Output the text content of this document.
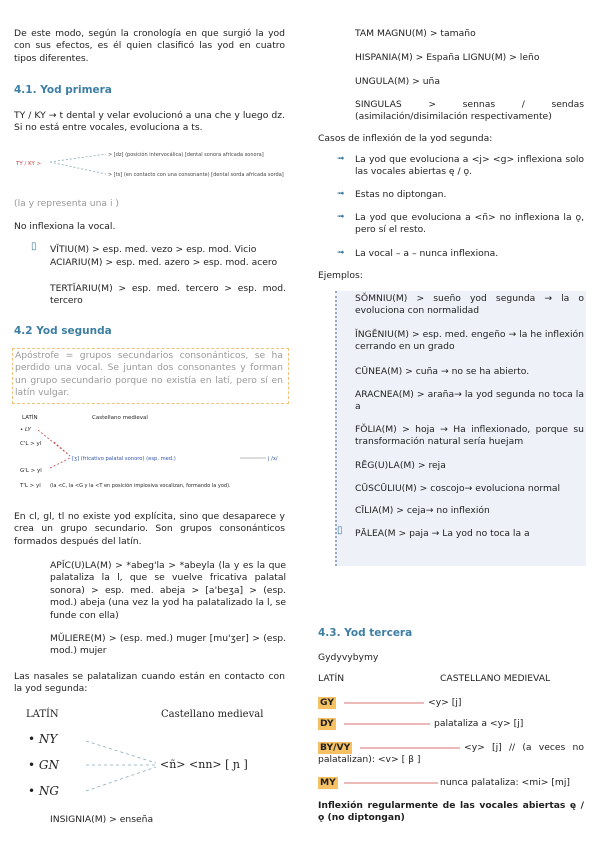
De este modo, según la cronología en que surgió la yod con sus efectos, es él quien clasificó las yod en cuatro tipos diferentes.
4.1. Yod primera
TY / KY → t dental y velar evolucionó a una che y luego dz. Si no está entre vocales, evoluciona a ts.
TY / KY >
> [dz] (posición intervocálica) [dental sonora africada sonora]
> [ts] (en contacto con una consonante) [dental sorda africada sorda]
(la y representa una i )
No inflexiona la vocal.
▯ VĬTIU(M) > esp. med. vezo > esp. mod. Vicio
ACIARIU(M) > esp. med. azero > esp. mod. acero
TERTĬARIU(M) > esp. med. tercero > esp. mod. tercero
4.2 Yod segunda
Apóstrofe = grupos secundarios consonánticos, se ha perdido una vocal. Se juntan dos consonantes y forman un grupo secundario porque no existía en latí, pero sí en latín vulgar.
LATÍN	Castellano medieval
• LY
C'L > yl
G'L > yl
T'L > yl
[ʒ] (fricativo palatal sonoro) (esp. med.)	j /x/
(la <C, la <G y la <T en posición implosiva vocalizan, formando la yod).
En cl, gl, tl no existe yod explícita, sino que desaparece y crea un grupo secundario. Son grupos consonánticos formados después del latín.
APĬC(U)LA(M) > *abeg'la > *abeyla (la y es la que palataliza la l, que se vuelve fricativa palatal sonora) > esp. med. abeja > [a'beʒa] > (esp. mod.) abeja (una vez la yod ha palatalizado la l, se funde con ella)
MŬLIERE(M) > (esp. med.) muger [mu'ʒer] > (esp. mod.) mujer
Las nasales se palatalizan cuando están en contacto con la yod segunda:
LATÍN	Castellano medieval
• NY
• GN
• NG
<ñ> <nn> [ ɲ ]
INSIGNIA(M) > enseña
TAM MAGNU(M) > tamaño
HISPANIA(M) > España LIGNU(M) > leño
UNGULA(M) > uña
SINGULAS > sennas / sendas (asimilación/disimilación respectivamente)
Casos de inflexión de la yod segunda:
➟ La yod que evoluciona a <j> <g> inflexiona solo las vocales abiertas ę / ǫ.
➟ Estas no diptongan.
➟ La yod que evoluciona a <ñ> no inflexiona la ǫ, pero sí el resto.
➟ La vocal – a – nunca inflexiona.
Ejemplos:
SŎMNIU(M) > sueño yod segunda → la o evoluciona con normalidad
ĬNGĔNIU(M) > esp. med. engeño → la he inflexión cerrando en un grado
CŪNEA(M) > cuña → no se ha abierto.
ARACNEA(M) > araña→ la yod segunda no toca la a
FŎLIA(M) > hoja → Ha inflexionado, porque su transformación natural sería huejam
RĒG(U)LA(M) > reja
CŪSCŪLIU(M) > coscojo→ evoluciona normal
CĪLIA(M) > ceja→ no inflexión
▯ PĀLEA(M > paja → La yod no toca la a
4.3. Yod tercera
Gydyvybymy
LATÍN	CASTELLANO MEDIEVAL
GY	<y> [j]
DY	palataliza a <y> [j]
BY/VY	<y> [j] // (a veces no palatalizan): <v> [ β ]
MY	nunca palataliza: <mi> [mj]
Inflexión regularmente de las vocales abiertas ę / ǫ (no diptongan)
